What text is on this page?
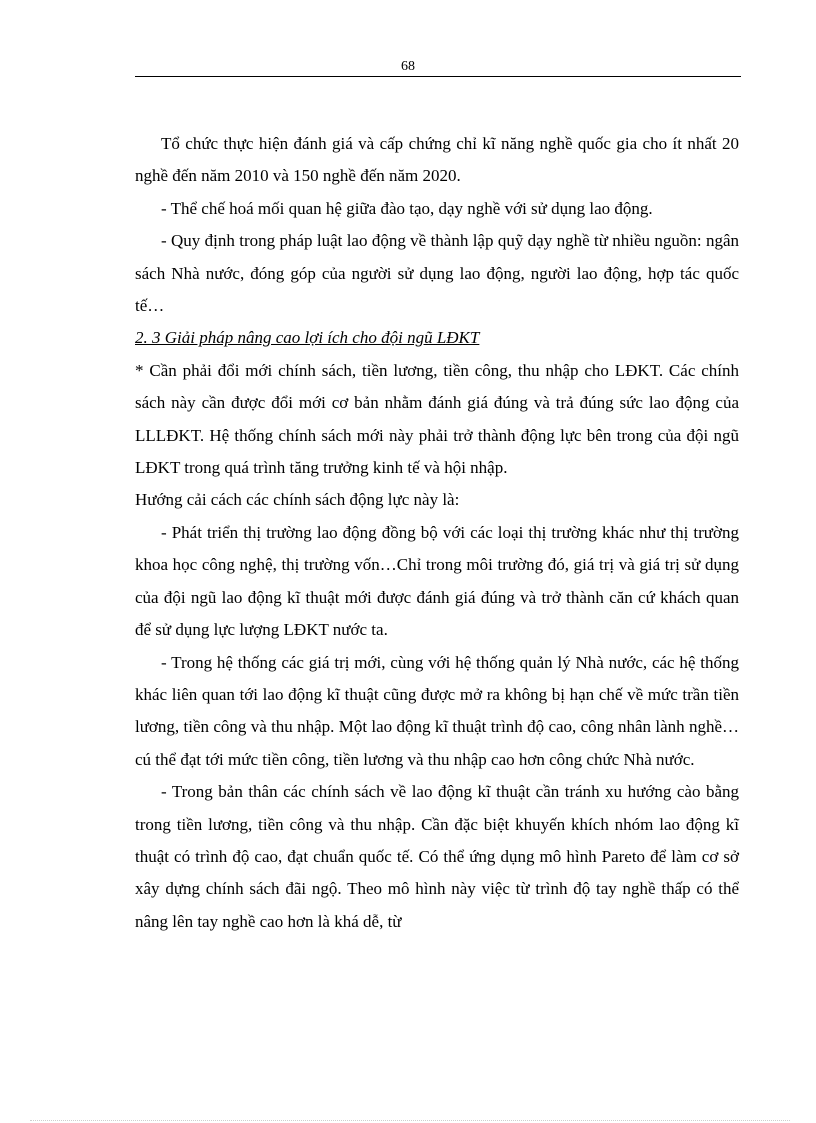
68

Tổ chức thực hiện đánh giá và cấp chứng chỉ kĩ năng nghề quốc gia cho ít nhất 20 nghề đến năm 2010 và 150 nghề đến năm 2020.

- Thể chế hoá mối quan hệ giữa đào tạo, dạy nghề với sử dụng lao động.

- Quy định trong pháp luật lao động về thành lập quỹ dạy nghề từ nhiều nguồn: ngân sách Nhà nước, đóng góp của người sử dụng lao động, người lao động, hợp tác quốc tế…

2. 3 Giải pháp nâng cao lợi ích cho đội ngũ LĐKT

* Cần phải đổi mới chính sách, tiền lương, tiền công, thu nhập cho LĐKT. Các chính sách này cần được đổi mới cơ bản nhằm đánh giá đúng và trả đúng sức lao động của LLLĐKT. Hệ thống chính sách mới này phải trở thành động lực bên trong của đội ngũ LĐKT trong quá trình tăng trưởng kinh tế và hội nhập.

Hướng cải cách các chính sách động lực này là:

- Phát triển thị trường lao động đồng bộ với các loại thị trường khác như thị trường khoa học công nghệ, thị trường vốn…Chỉ trong môi trường đó, giá trị và giá trị sử dụng của đội ngũ lao động kĩ thuật mới được đánh giá đúng và trở thành căn cứ khách quan để sử dụng lực lượng LĐKT nước ta.

- Trong hệ thống các giá trị mới, cùng với hệ thống quản lý Nhà nước, các hệ thống khác liên quan tới lao động kĩ thuật cũng được mở ra không bị hạn chế về mức trần tiền lương, tiền công và thu nhập. Một lao động kĩ thuật trình độ cao, công nhân lành nghề…cú thể đạt tới mức tiền công, tiền lương và thu nhập cao hơn công chức Nhà nước.

- Trong bản thân các chính sách về lao động kĩ thuật cần tránh xu hướng cào bằng trong tiền lương, tiền công và thu nhập. Cần đặc biệt khuyến khích nhóm lao động kĩ thuật có trình độ cao, đạt chuẩn quốc tế. Có thể ứng dụng mô hình Pareto để làm cơ sở xây dựng chính sách đãi ngộ. Theo mô hình này việc từ trình độ tay nghề thấp có thể nâng lên tay nghề cao hơn là khá dễ, từ
